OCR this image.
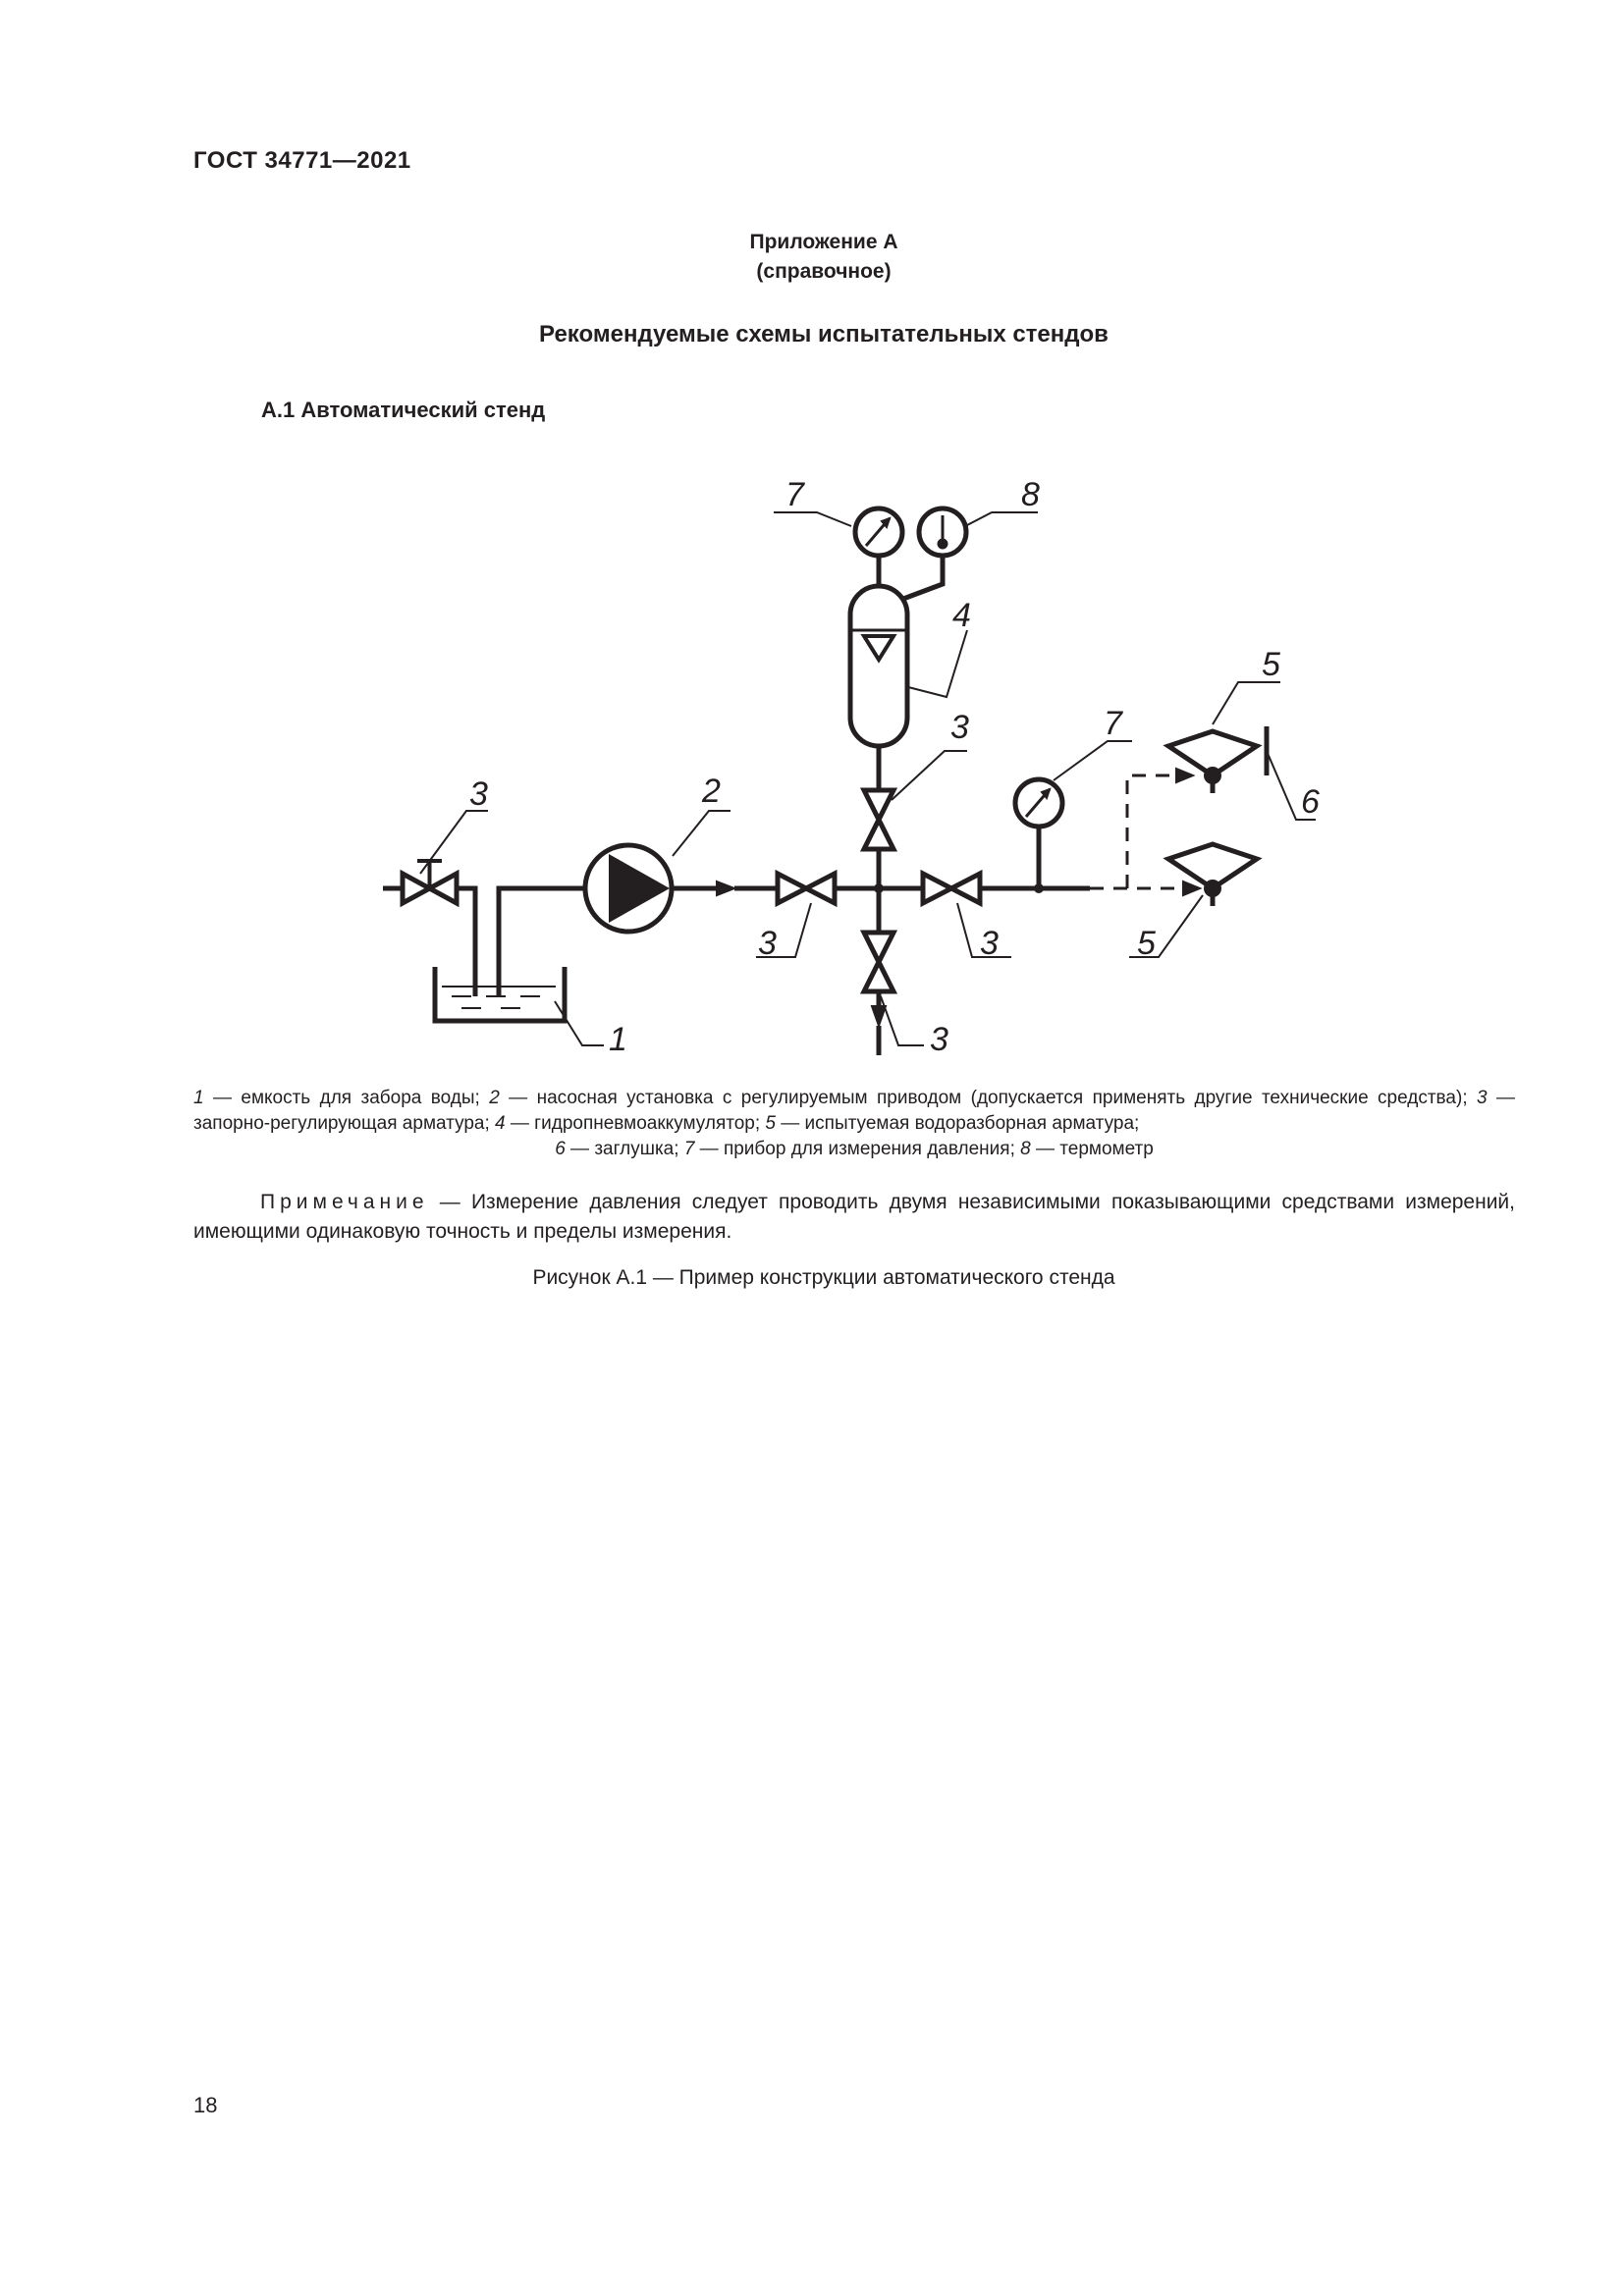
ГОСТ 34771—2021
Приложение А
(справочное)
Рекомендуемые схемы испытательных стендов
А.1 Автоматический стенд
7	8
4
3	7
5
6
3	2
3	3	5
3
1
1 — емкость для забора воды; 2 — насосная установка с регулируемым приводом (допускается применять другие технические средства); 3 — запорно-регулирующая арматура; 4 — гидропневмоаккумулятор; 5 — испытуемая водоразборная арматура;
6 — заглушка; 7 — прибор для измерения давления; 8 — термометр
Примечание — Измерение давления следует проводить двумя независимыми показывающими средствами измерений, имеющими одинаковую точность и пределы измерения.
Рисунок А.1 — Пример конструкции автоматического стенда
18
